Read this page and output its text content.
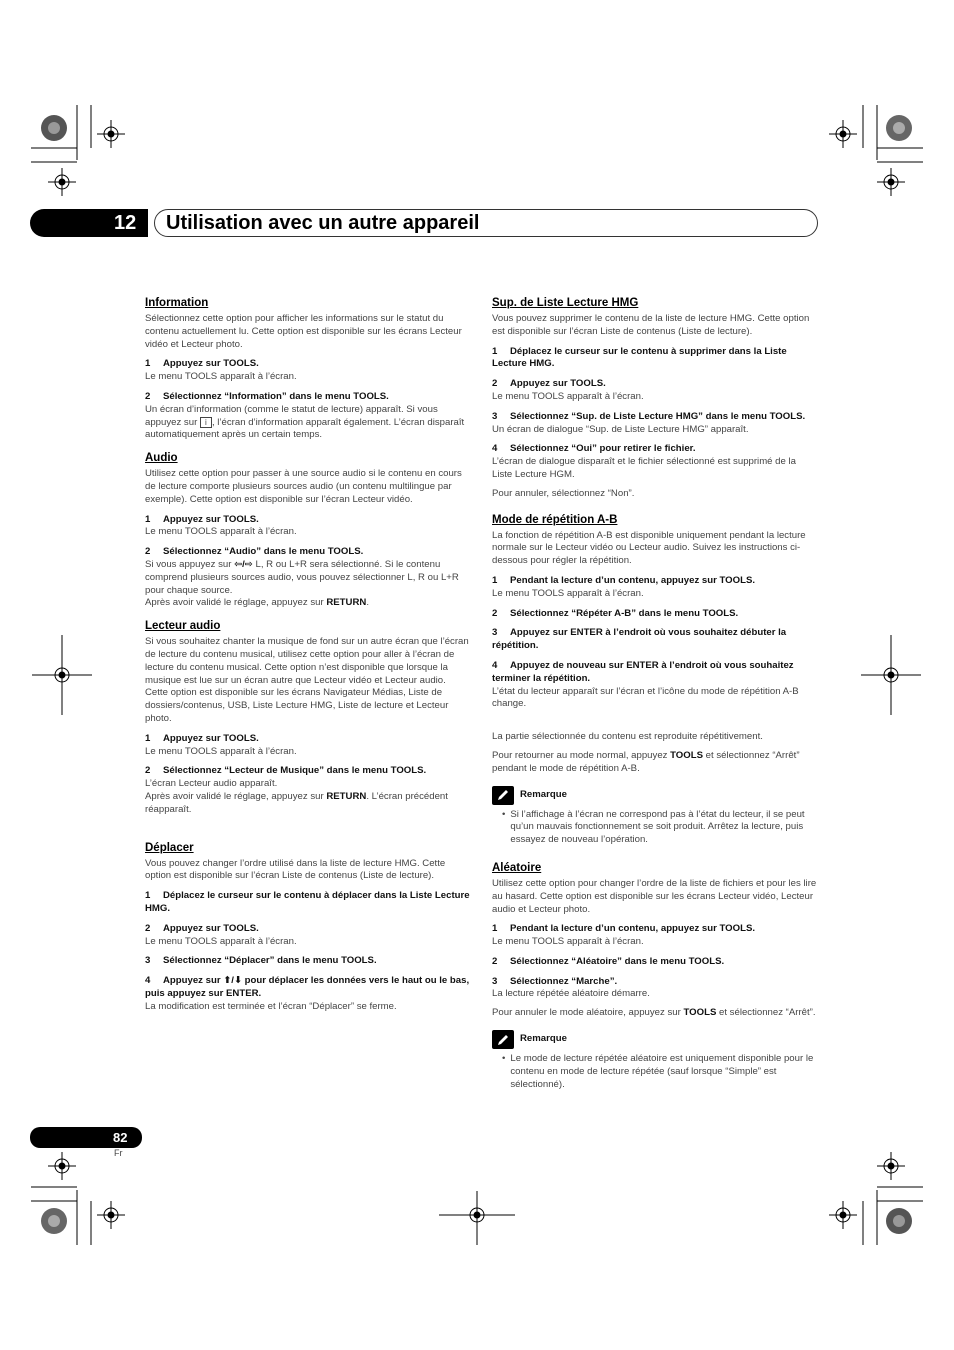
12 Utilisation avec un autre appareil
Information

Sélectionnez cette option pour afficher les informations sur le statut du contenu actuellement lu. Cette option est disponible sur les écrans Lecteur vidéo et Lecteur photo.

1 Appuyez sur TOOLS.

Le menu TOOLS apparaît à l’écran.

2 Sélectionnez “Information” dans le menu TOOLS.

Un écran d’information (comme le statut de lecture) apparaît. Si vous appuyez sur i , l’écran d’information apparaît également. L’écran disparaît automatiquement après un certain temps.

Audio

Utilisez cette option pour passer à une source audio si le contenu en cours de lecture comporte plusieurs sources audio (un contenu multilingue par exemple). Cette option est disponible sur l’écran Lecteur vidéo.

1 Appuyez sur TOOLS.

Le menu TOOLS apparaît à l’écran.

2 Sélectionnez “Audio” dans le menu TOOLS.

Si vous appuyez sur ⇦/⇨ L, R ou L+R sera sélectionné. Si le contenu comprend plusieurs sources audio, vous pouvez sélectionner L, R ou L+R pour chaque source.

Après avoir validé le réglage, appuyez sur RETURN.

Lecteur audio

Si vous souhaitez chanter la musique de fond sur un autre écran que l’écran de lecture du contenu musical, utilisez cette option pour aller à l’écran de lecture du contenu musical. Cette option n’est disponible que lorsque la musique est lue sur un écran autre que Lecteur vidéo et Lecteur audio. Cette option est disponible sur les écrans Navigateur Médias, Liste de dossiers/contenus, USB, Liste Lecture HMG, Liste de lecture et Lecteur photo.

1 Appuyez sur TOOLS.

Le menu TOOLS apparaît à l’écran.

2 Sélectionnez “Lecteur de Musique” dans le menu TOOLS.

L’écran Lecteur audio apparaît.

Après avoir validé le réglage, appuyez sur RETURN. L’écran précédent réapparaît.

Déplacer

Vous pouvez changer l’ordre utilisé dans la liste de lecture HMG. Cette option est disponible sur l’écran Liste de contenus (Liste de lecture).

1 Déplacez le curseur sur le contenu à déplacer dans la Liste Lecture HMG.

2 Appuyez sur TOOLS.

Le menu TOOLS apparaît à l’écran.

3 Sélectionnez “Déplacer” dans le menu TOOLS.

4 Appuyez sur ⬆/⬇ pour déplacer les données vers le haut ou le bas, puis appuyez sur ENTER.

La modification est terminée et l’écran “Déplacer” se ferme.

Sup. de Liste Lecture HMG

Vous pouvez supprimer le contenu de la liste de lecture HMG. Cette option est disponible sur l’écran Liste de contenus (Liste de lecture).

1 Déplacez le curseur sur le contenu à supprimer dans la Liste Lecture HMG.

2 Appuyez sur TOOLS.

Le menu TOOLS apparaît à l’écran.

3 Sélectionnez “Sup. de Liste Lecture HMG” dans le menu TOOLS.

Un écran de dialogue “Sup. de Liste Lecture HMG” apparaît.

4 Sélectionnez “Oui” pour retirer le fichier.

L’écran de dialogue disparaît et le fichier sélectionné est supprimé de la Liste Lecture HGM.

Pour annuler, sélectionnez “Non”.

Mode de répétition A-B

La fonction de répétition A-B est disponible uniquement pendant la lecture normale sur le Lecteur vidéo ou Lecteur audio. Suivez les instructions ci-dessous pour régler la répétition.

1 Pendant la lecture d’un contenu, appuyez sur TOOLS.

Le menu TOOLS apparaît à l’écran.

2 Sélectionnez “Répéter A-B” dans le menu TOOLS.

3 Appuyez sur ENTER à l’endroit où vous souhaitez débuter la répétition.

4 Appuyez de nouveau sur ENTER à l’endroit où vous souhaitez terminer la répétition.

L’état du lecteur apparaît sur l’écran et l’icône du mode de répétition A-B change.

La partie sélectionnée du contenu est reproduite répétitivement.

Pour retourner au mode normal, appuyez TOOLS et sélectionnez “Arrêt” pendant le mode de répétition A-B.

Remarque
• Si l’affichage à l’écran ne correspond pas à l’état du lecteur, il se peut qu’un mauvais fonctionnement se soit produit. Arrêtez la lecture, puis essayez de nouveau l’opération.
Aléatoire

Utilisez cette option pour changer l’ordre de la liste de fichiers et pour les lire au hasard. Cette option est disponible sur les écrans Lecteur vidéo, Lecteur audio et Lecteur photo.

1 Pendant la lecture d’un contenu, appuyez sur TOOLS.

Le menu TOOLS apparaît à l’écran.

2 Sélectionnez “Aléatoire” dans le menu TOOLS.

3 Sélectionnez “Marche”.

La lecture répétée aléatoire démarre.

Pour annuler le mode aléatoire, appuyez sur TOOLS et sélectionnez “Arrêt”.

Remarque
• Le mode de lecture répétée aléatoire est uniquement disponible pour le contenu en mode de lecture répétée (sauf lorsque “Simple” est sélectionné).
82
Fr
